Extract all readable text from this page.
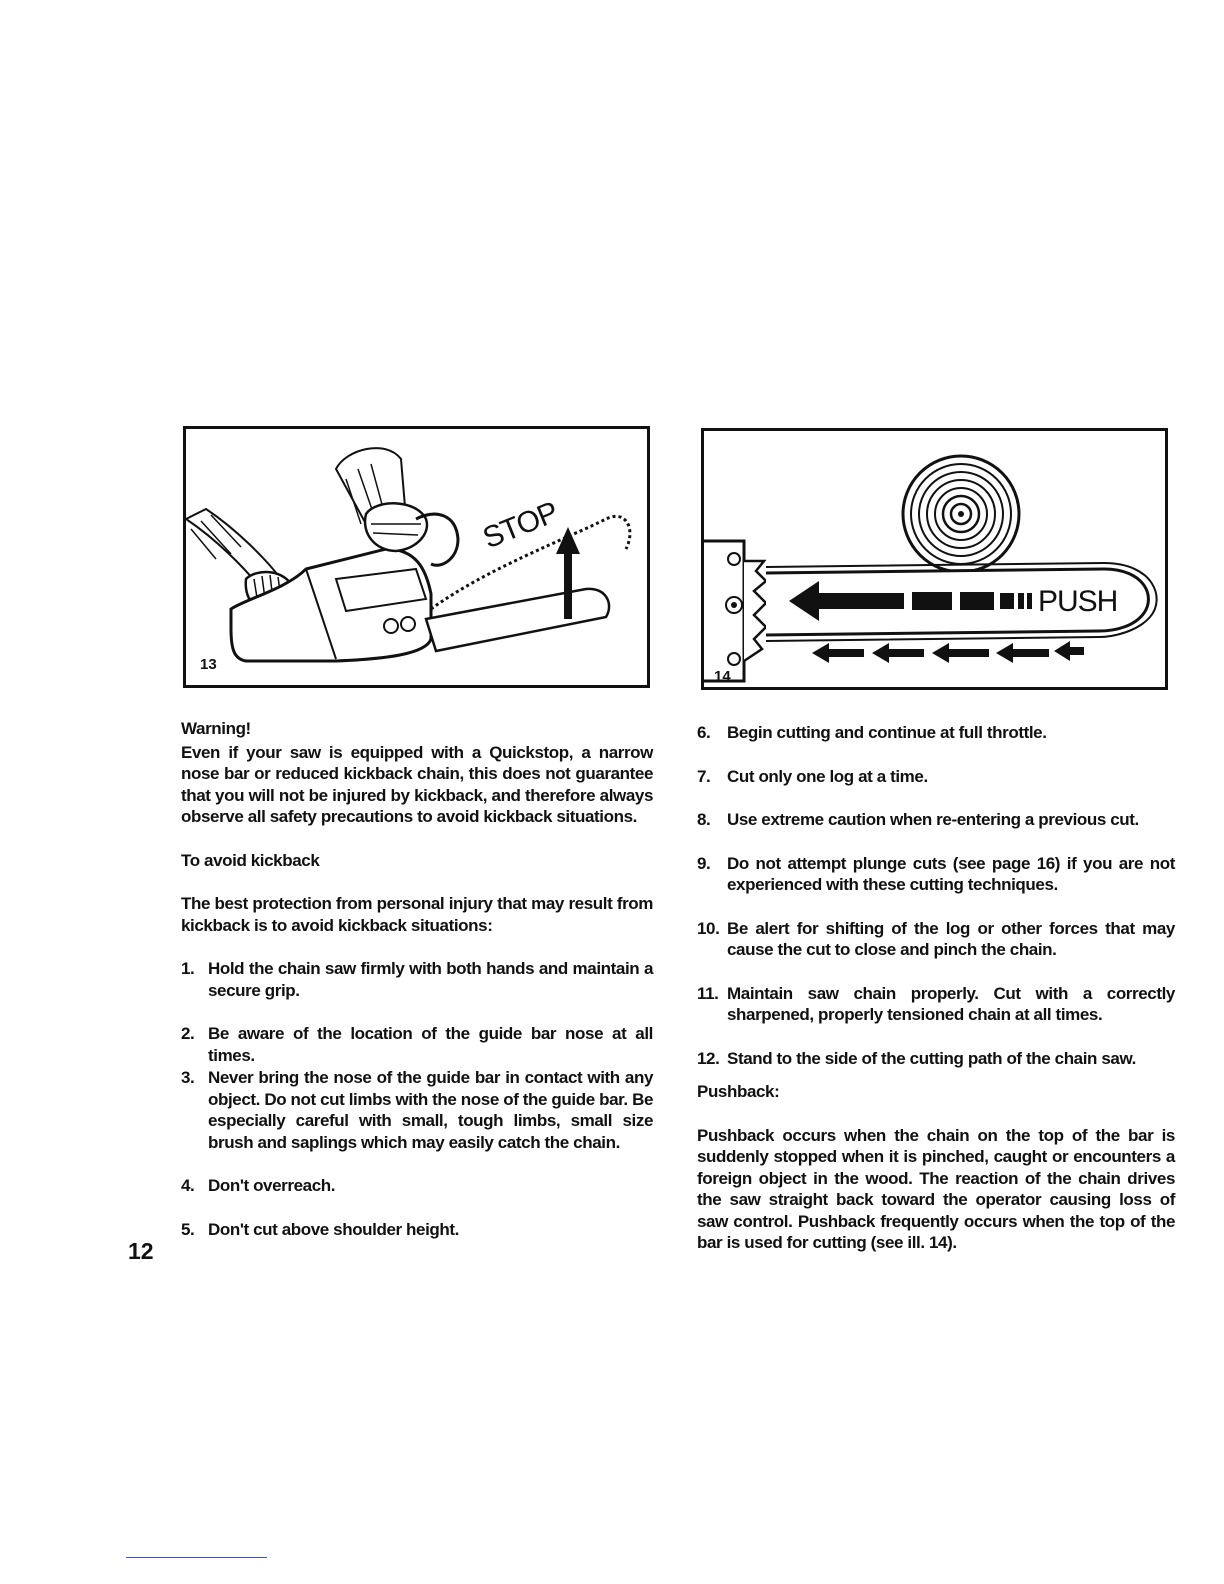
STOP
13
PUSH
14
Warning!

Even if your saw is equipped with a Quickstop, a narrow nose bar or reduced kickback chain, this does not guarantee that you will not be injured by kickback, and therefore always observe all safety precautions to avoid kickback situations.

To avoid kickback

The best protection from personal injury that may result from kickback is to avoid kickback situations:

1. Hold the chain saw firmly with both hands and maintain a secure grip.
2. Be aware of the location of the guide bar nose at all times.
3. Never bring the nose of the guide bar in contact with any object. Do not cut limbs with the nose of the guide bar. Be especially careful with small, tough limbs, small size brush and saplings which may easily catch the chain.
4. Don't overreach.
5. Don't cut above shoulder height.
6. Begin cutting and continue at full throttle.
7. Cut only one log at a time.
8. Use extreme caution when re-entering a previous cut.
9. Do not attempt plunge cuts (see page 16) if you are not experienced with these cutting techniques.
10. Be alert for shifting of the log or other forces that may cause the cut to close and pinch the chain.
11. Maintain saw chain properly. Cut with a correctly sharpened, properly tensioned chain at all times.
12. Stand to the side of the cutting path of the chain saw.
Pushback:

Pushback occurs when the chain on the top of the bar is suddenly stopped when it is pinched, caught or encounters a foreign object in the wood. The reaction of the chain drives the saw straight back toward the operator causing loss of saw control. Pushback frequently occurs when the top of the bar is used for cutting (see ill. 14).

12
